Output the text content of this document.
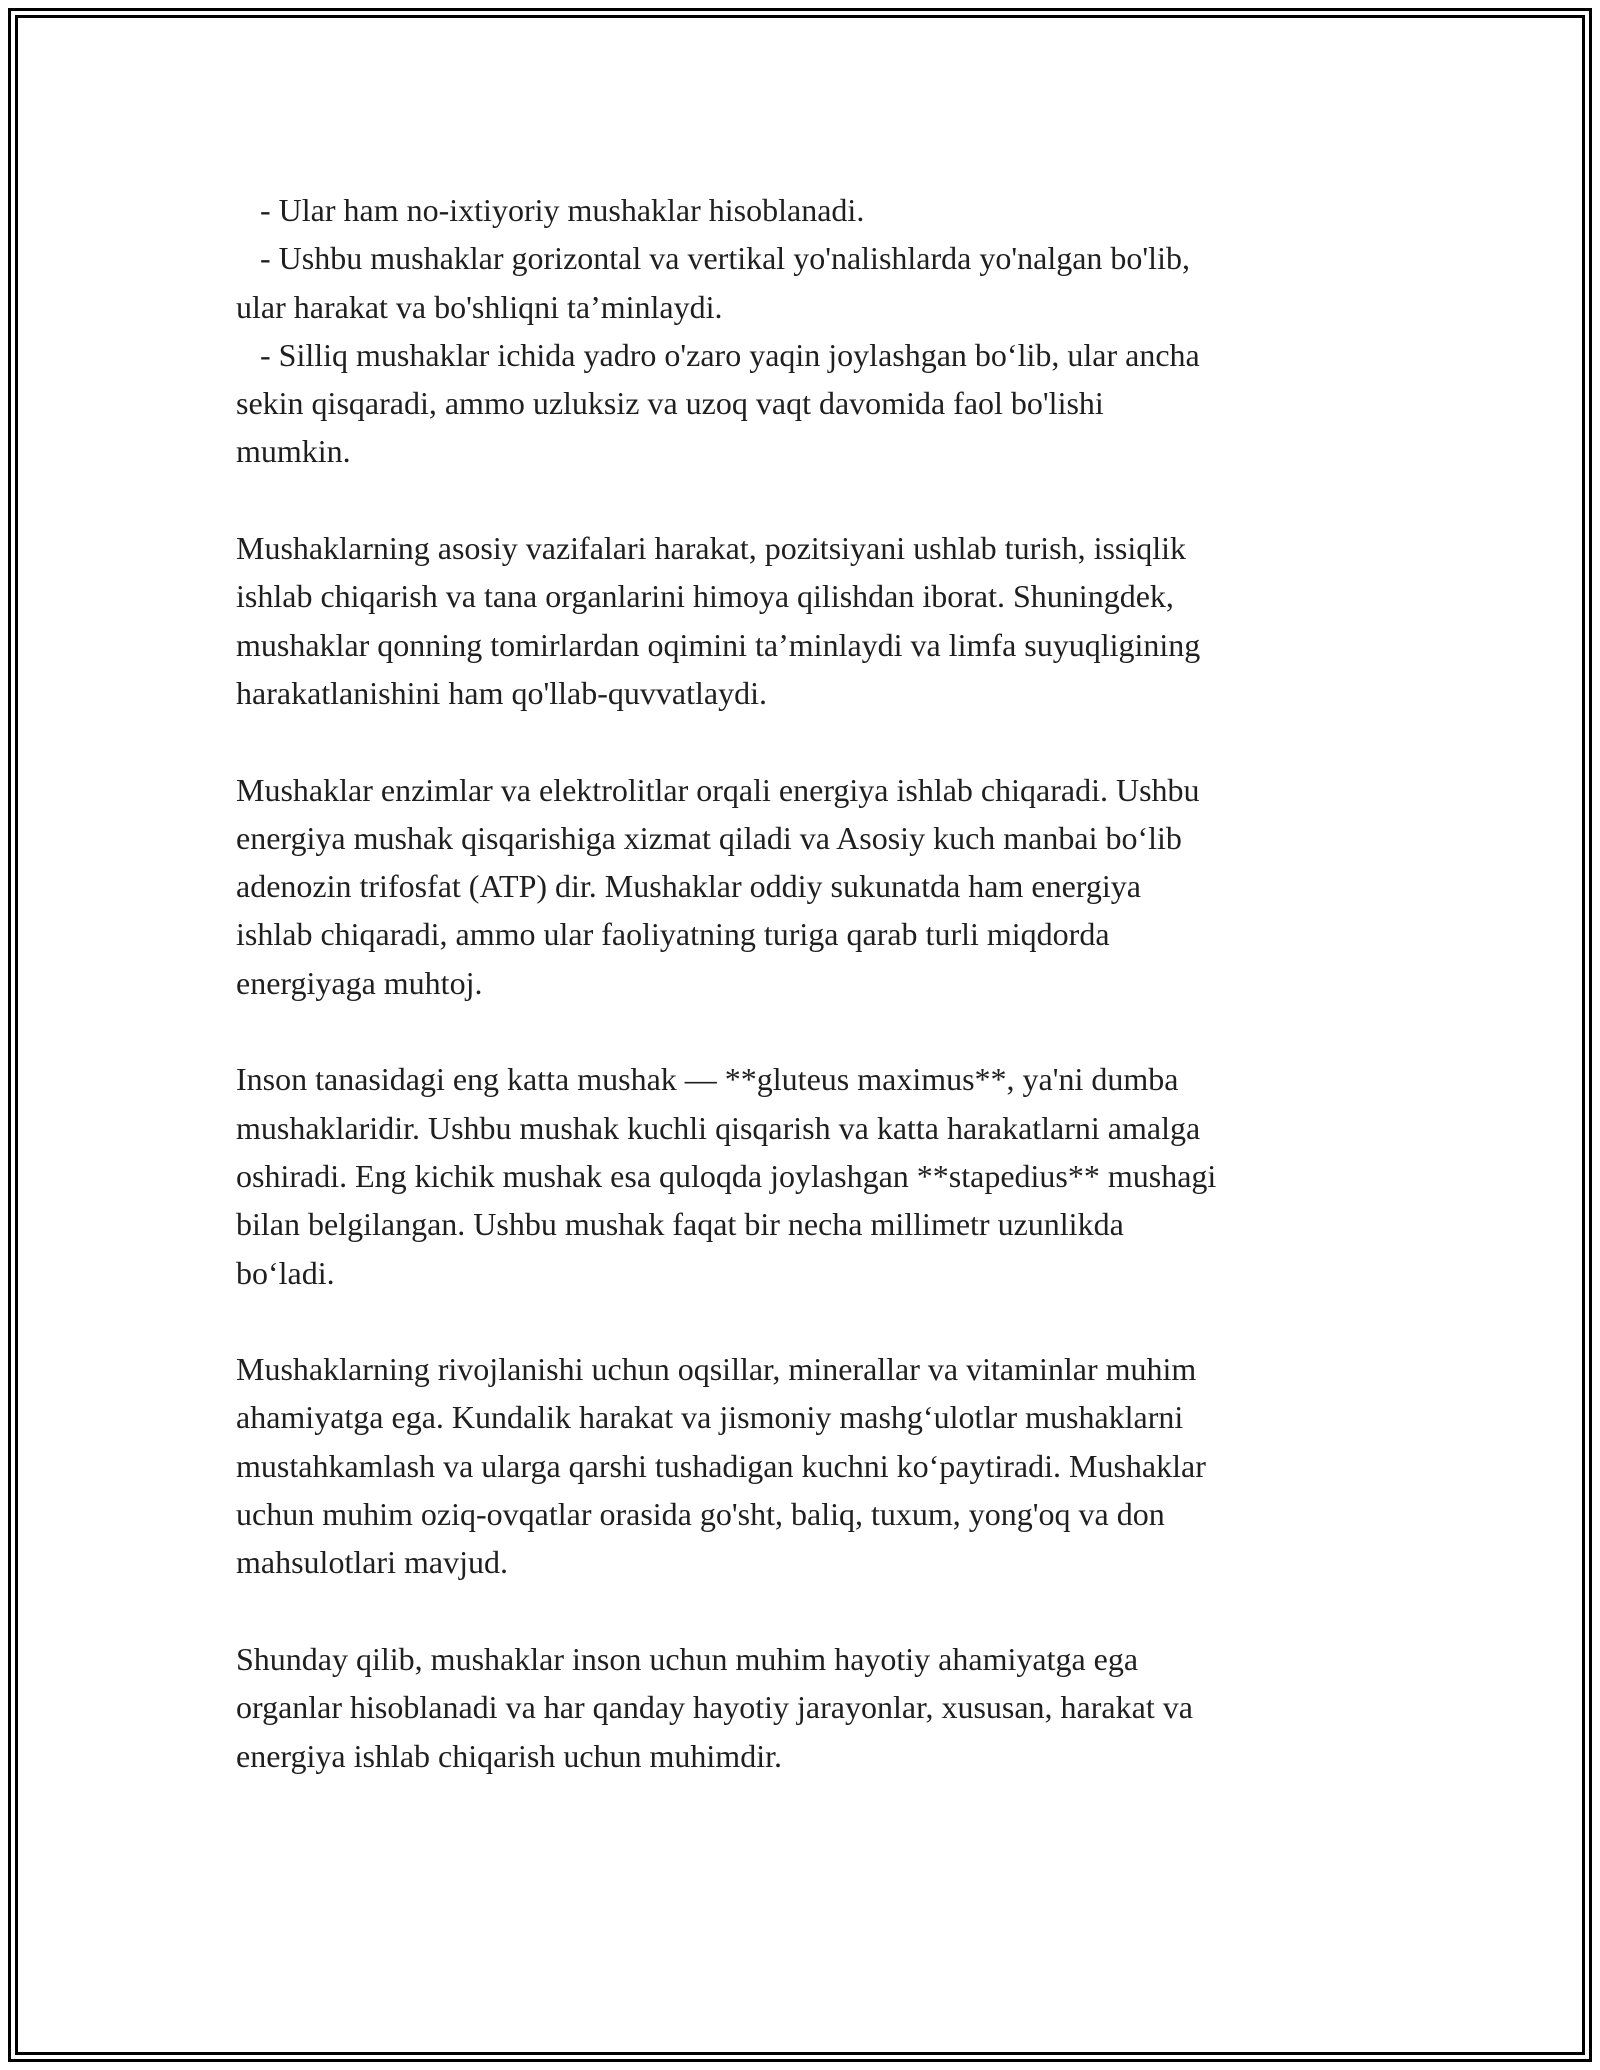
- Ular ham no-ixtiyoriy mushaklar hisoblanadi.
- Ushbu mushaklar gorizontal va vertikal yo'nalishlarda yo'nalgan bo'lib,
ular harakat va bo'shliqni ta’minlaydi.
- Silliq mushaklar ichida yadro o'zaro yaqin joylashgan bo‘lib, ular ancha
sekin qisqaradi, ammo uzluksiz va uzoq vaqt davomida faol bo'lishi
mumkin.
Mushaklarning asosiy vazifalari harakat, pozitsiyani ushlab turish, issiqlik
ishlab chiqarish va tana organlarini himoya qilishdan iborat. Shuningdek,
mushaklar qonning tomirlardan oqimini ta’minlaydi va limfa suyuqligining
harakatlanishini ham qo'llab-quvvatlaydi.
Mushaklar enzimlar va elektrolitlar orqali energiya ishlab chiqaradi. Ushbu
energiya mushak qisqarishiga xizmat qiladi va Asosiy kuch manbai bo‘lib
adenozin trifosfat (ATP) dir. Mushaklar oddiy sukunatda ham energiya
ishlab chiqaradi, ammo ular faoliyatning turiga qarab turli miqdorda
energiyaga muhtoj.
Inson tanasidagi eng katta mushak — **gluteus maximus**, ya'ni dumba
mushaklaridir. Ushbu mushak kuchli qisqarish va katta harakatlarni amalga
oshiradi. Eng kichik mushak esa quloqda joylashgan **stapedius** mushagi
bilan belgilangan. Ushbu mushak faqat bir necha millimetr uzunlikda
bo‘ladi.
Mushaklarning rivojlanishi uchun oqsillar, minerallar va vitaminlar muhim
ahamiyatga ega. Kundalik harakat va jismoniy mashg‘ulotlar mushaklarni
mustahkamlash va ularga qarshi tushadigan kuchni ko‘paytiradi. Mushaklar
uchun muhim oziq-ovqatlar orasida go'sht, baliq, tuxum, yong'oq va don
mahsulotlari mavjud.
Shunday qilib, mushaklar inson uchun muhim hayotiy ahamiyatga ega
organlar hisoblanadi va har qanday hayotiy jarayonlar, xususan, harakat va
energiya ishlab chiqarish uchun muhimdir.
